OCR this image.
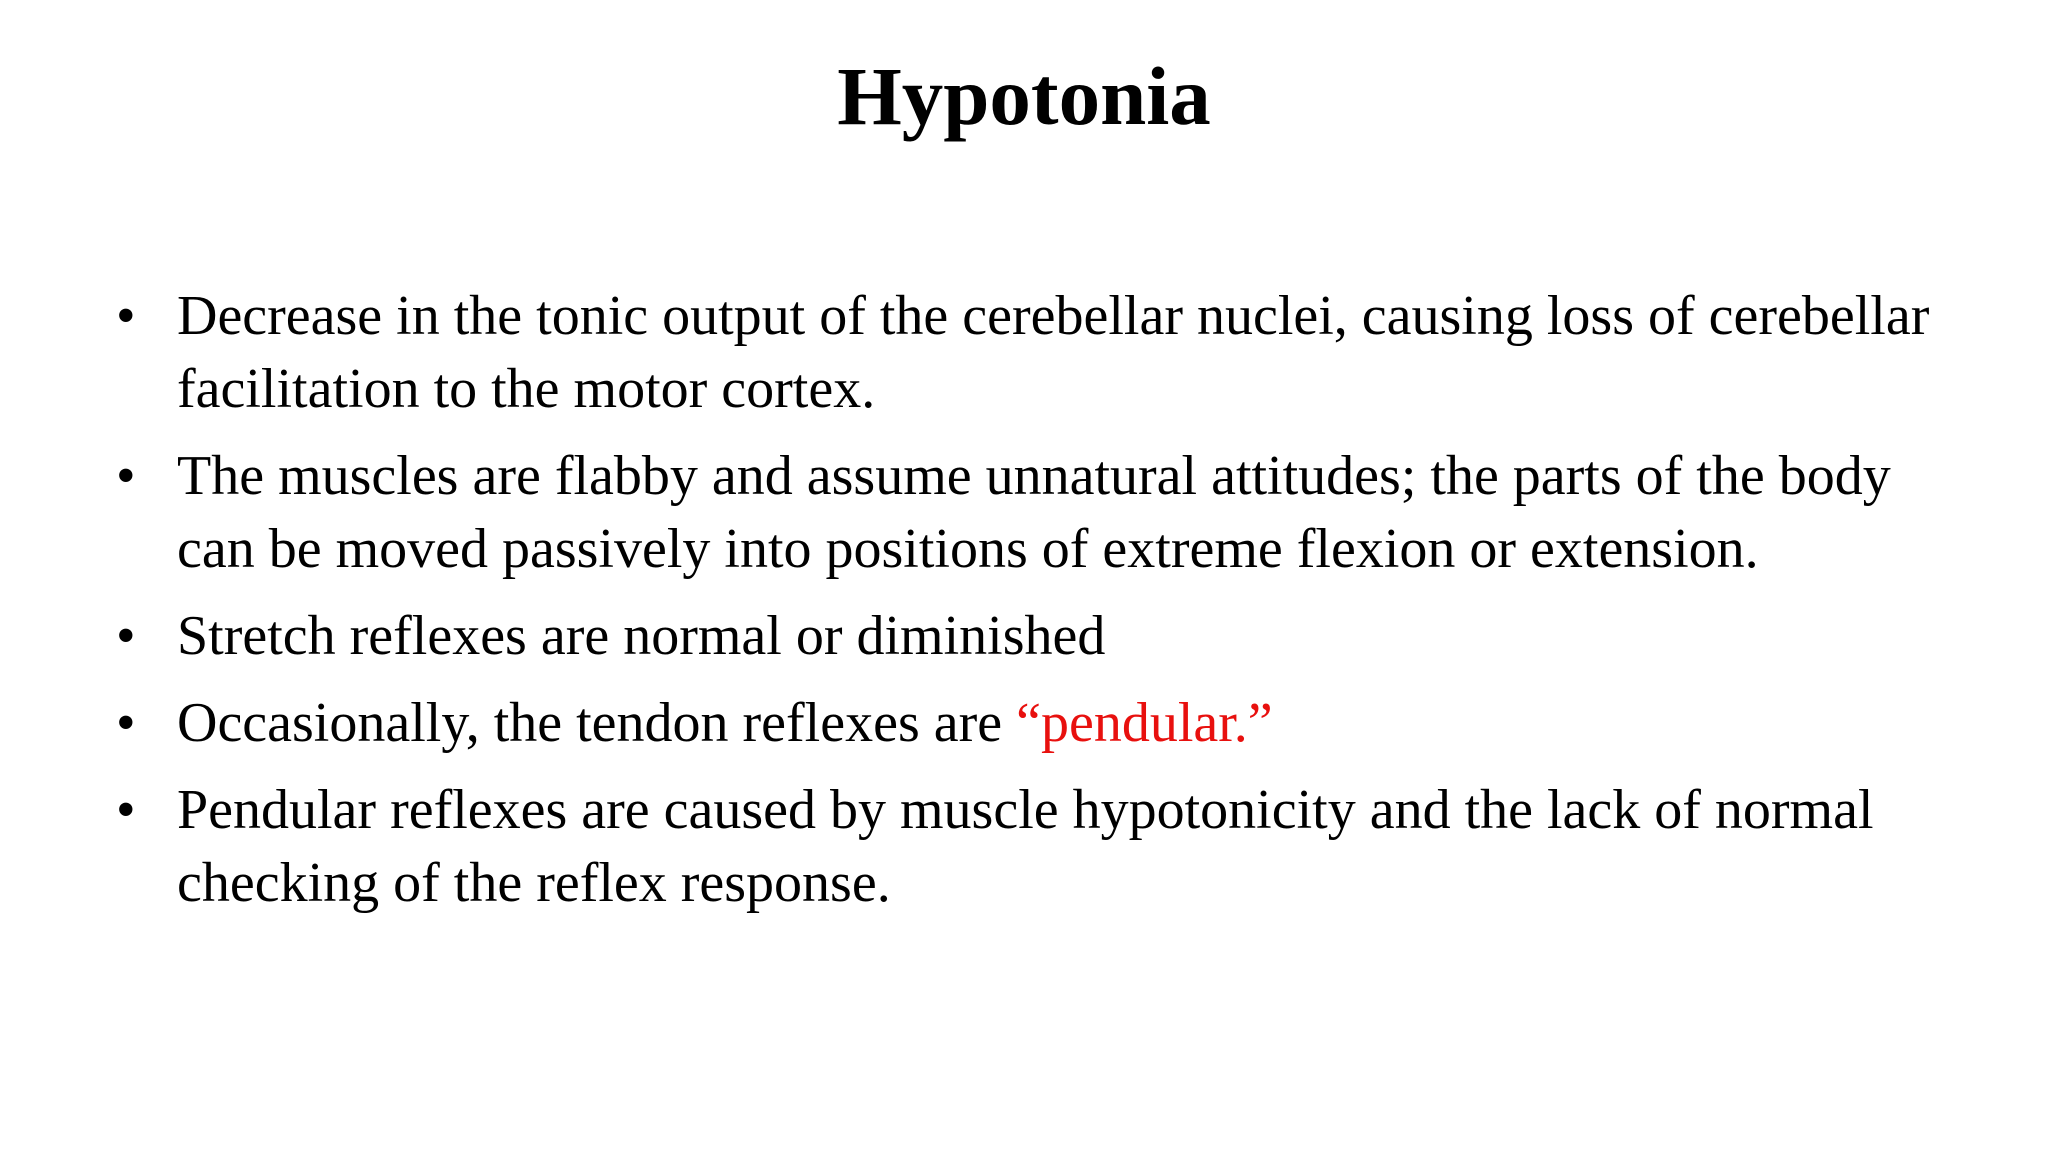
Hypotonia
• Decrease in the tonic output of the cerebellar nuclei, causing loss of cerebellar facilitation to the motor cortex.
• The muscles are flabby and assume unnatural attitudes; the parts of the body can be moved passively into positions of extreme flexion or extension.
• Stretch reflexes are normal or diminished
• Occasionally, the tendon reflexes are “pendular.”
• Pendular reflexes are caused by muscle hypotonicity and the lack of normal checking of the reflex response.
